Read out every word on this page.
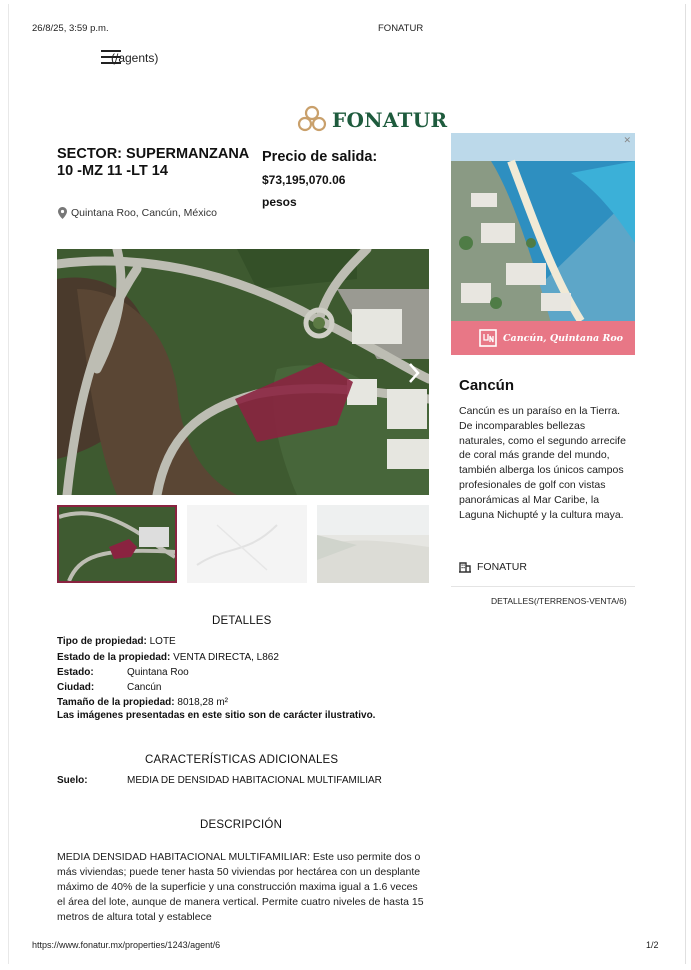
26/8/25, 3:59 p.m.	FONATUR
(/agents)
FONATUR
SECTOR: SUPERMANZANA 10 -MZ 11 -LT 14
Quintana Roo, Cancún, México
Precio de salida: $73,195,070.06
pesos
✕
Cancún, Quintana Roo
Cancún
Cancún es un paraíso en la Tierra. De incomparables bellezas naturales, como el segundo arrecife de coral más grande del mundo, también alberga los únicos campos profesionales de golf con vistas panorámicas al Mar Caribe, la Laguna Nichupté y la cultura maya.
FONATUR
DETALLES(/TERRENOS-VENTA/6)
DETALLES
Tipo de propiedad: LOTE
Estado de la propiedad: VENTA DIRECTA, L862
Estado:	Quintana Roo
Ciudad:	Cancún
Tamaño de la propiedad: 8018,28 m²
Las imágenes presentadas en este sitio son de carácter ilustrativo.
CARACTERÍSTICAS ADICIONALES
Suelo:	MEDIA DE DENSIDAD HABITACIONAL MULTIFAMILIAR
DESCRIPCIÓN
MEDIA DENSIDAD HABITACIONAL MULTIFAMILIAR: Este uso permite dos o más viviendas; puede tener hasta 50 viviendas por hectárea con un desplante máximo de 40% de la superficie y una construcción maxima igual a 1.6 veces el área del lote, aunque de manera vertical. Permite cuatro niveles de hasta 15 metros de altura total y establece
https://www.fonatur.mx/properties/1243/agent/6	1/2
